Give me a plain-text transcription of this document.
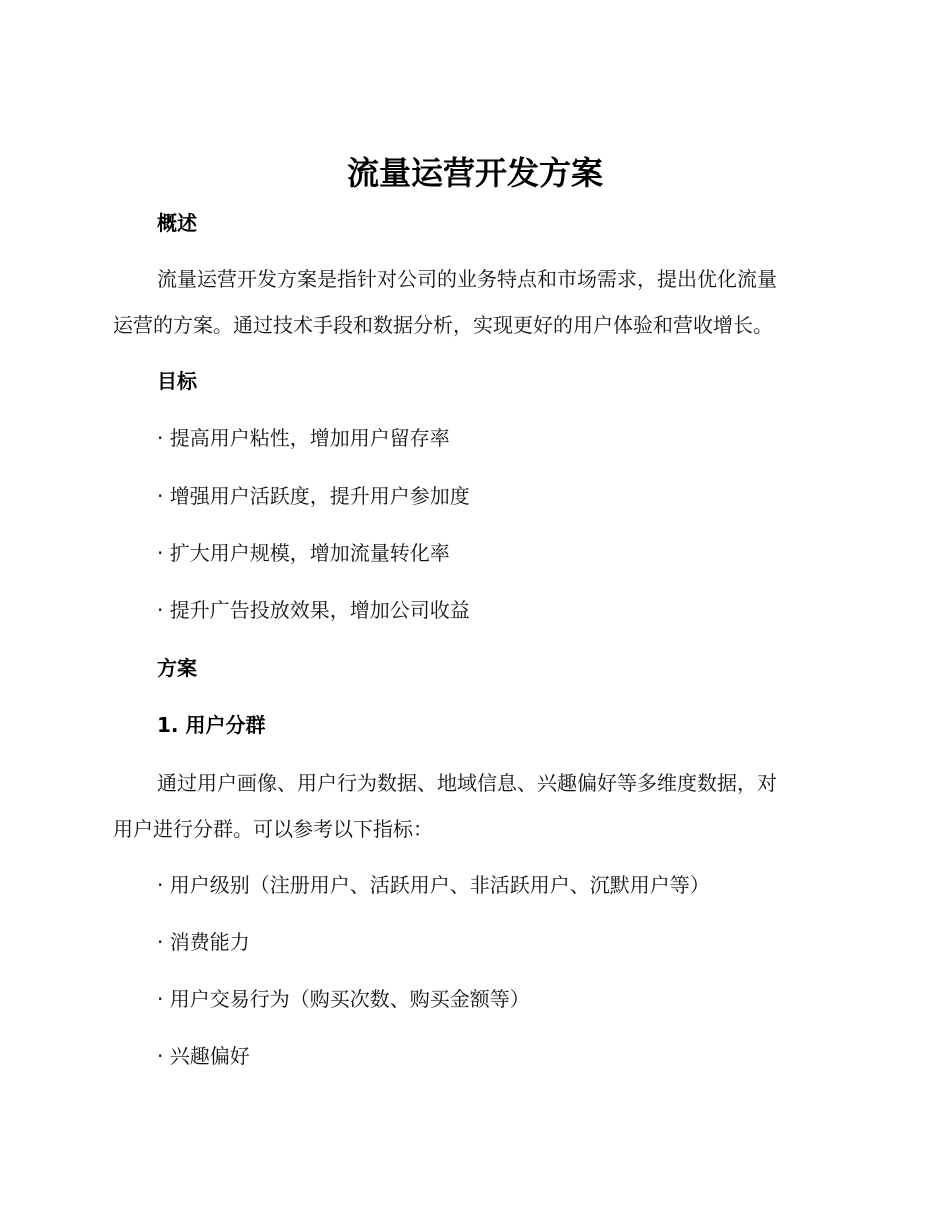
流量运营开发方案
概述
流量运营开发方案是指针对公司的业务特点和市场需求，提出优化流量
运营的方案。通过技术手段和数据分析，实现更好的用户体验和营收增长。
目标
· 提高用户粘性，增加用户留存率
· 增强用户活跃度，提升用户参加度
· 扩大用户规模，增加流量转化率
· 提升广告投放效果，增加公司收益
方案
1. 用户分群
通过用户画像、用户行为数据、地域信息、兴趣偏好等多维度数据，对
用户进行分群。可以参考以下指标：
· 用户级别（注册用户、活跃用户、非活跃用户、沉默用户等）
· 消费能力
· 用户交易行为（购买次数、购买金额等）
· 兴趣偏好
